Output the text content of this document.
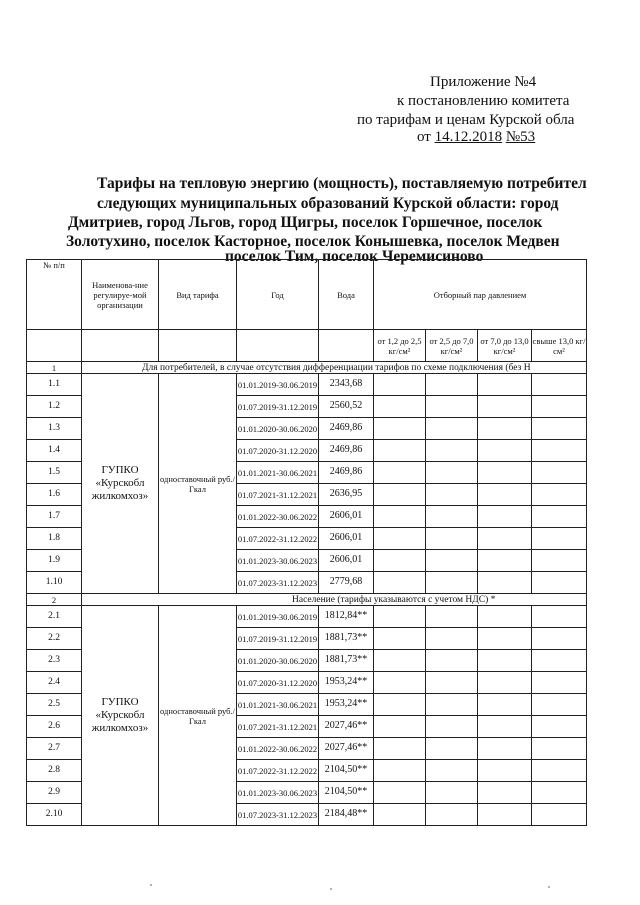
Приложение №4
к постановлению комитета
по тарифам и ценам Курской обла
от 14.12.2018 №53
Тарифы на тепловую энергию (мощность), поставляемую потребител
следующих муниципальных образований Курской области: город
Дмитриев, город Льгов, город Щигры, поселок Горшечное, поселок
Золотухино, поселок Касторное, поселок Конышевка, поселок Медвен
поселок Тим, поселок Черемисиново
№ п/п	Наименова-ние регулируе-мой организации	Вид тарифа	Год	Вода	Отборный пар давлением			
					от 1,2 до 2,5 кг/см²	от 2,5 до 7,0 кг/см²	от 7,0 до 13,0 кг/см²	свыше 13,0 кг/см²
1	Для потребителей, в случае отсутствия дифференциации тарифов по схеме подключения (без Н							
1.1	ГУПКО «Курскобл жилкомхоз»	одноставочный руб./Гкал	01.01.2019-30.06.2019	2343,68				
1.2			01.07.2019-31.12.2019	2560,52				
1.3			01.01.2020-30.06.2020	2469,86				
1.4			01.07.2020-31.12.2020	2469,86				
1.5			01.01.2021-30.06.2021	2469,86				
1.6			01.07.2021-31.12.2021	2636,95				
1.7			01.01.2022-30.06.2022	2606,01				
1.8			01.07.2022-31.12.2022	2606,01				
1.9			01.01.2023-30.06.2023	2606,01				
1.10			01.07.2023-31.12.2023	2779,68				
2	Население (тарифы указываются с учетом НДС) *							
2.1	ГУПКО «Курскобл жилкомхоз»	одноставочный руб./Гкал	01.01.2019-30.06.2019	1812,84**				
2.2			01.07.2019-31.12.2019	1881,73**				
2.3			01.01.2020-30.06.2020	1881,73**				
2.4			01.07.2020-31.12.2020	1953,24**				
2.5			01.01.2021-30.06.2021	1953,24**				
2.6			01.07.2021-31.12.2021	2027,46**				
2.7			01.01.2022-30.06.2022	2027,46**				
2.8			01.07.2022-31.12.2022	2104,50**				
2.9			01.01.2023-30.06.2023	2104,50**				
2.10			01.07.2023-31.12.2023	2184,48**				
